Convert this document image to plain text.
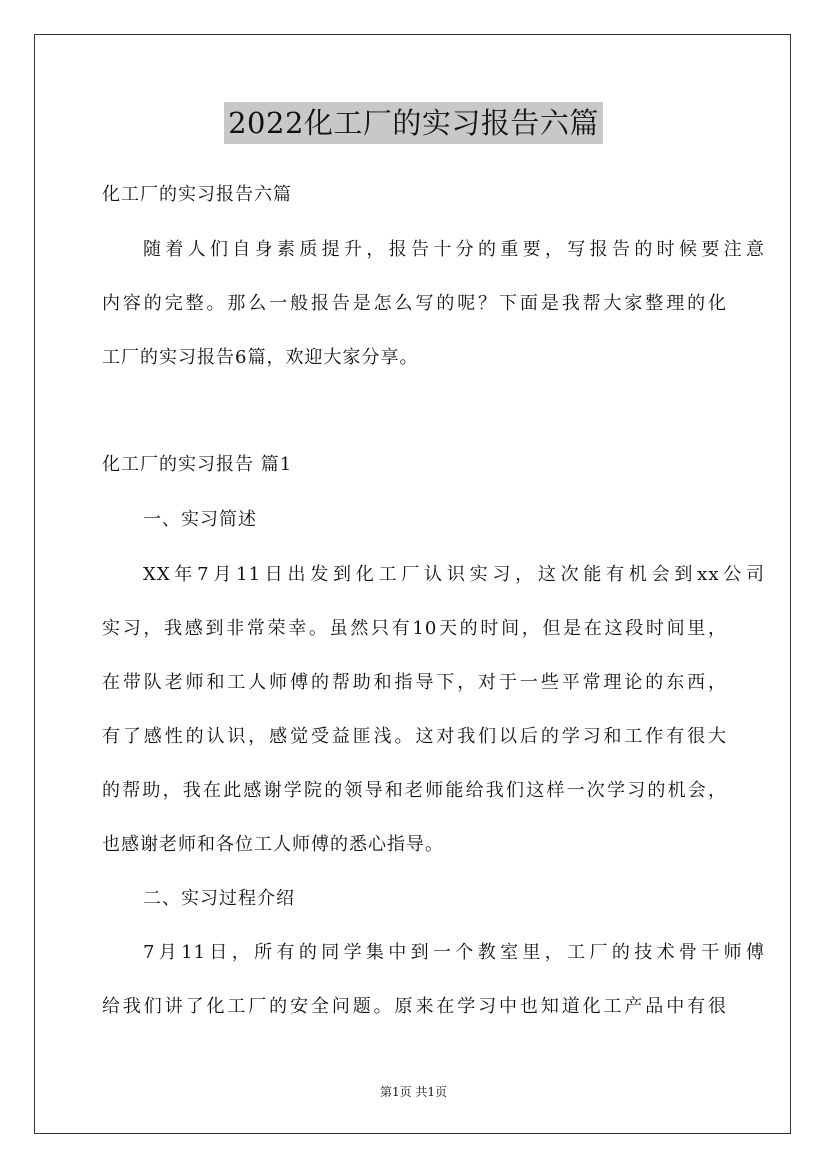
2022化工厂的实习报告六篇
化工厂的实习报告六篇
随着人们自身素质提升，报告十分的重要，写报告的时候要注意
内容的完整。那么一般报告是怎么写的呢？下面是我帮大家整理的化
工厂的实习报告6篇，欢迎大家分享。
化工厂的实习报告 篇1
一、实习简述
XX年7月11日出发到化工厂认识实习，这次能有机会到xx公司
实习，我感到非常荣幸。虽然只有10天的时间，但是在这段时间里，
在带队老师和工人师傅的帮助和指导下，对于一些平常理论的东西，
有了感性的认识，感觉受益匪浅。这对我们以后的学习和工作有很大
的帮助，我在此感谢学院的领导和老师能给我们这样一次学习的机会，
也感谢老师和各位工人师傅的悉心指导。
二、实习过程介绍
7月11日，所有的同学集中到一个教室里，工厂的技术骨干师傅
给我们讲了化工厂的安全问题。原来在学习中也知道化工产品中有很
第1页 共1页
